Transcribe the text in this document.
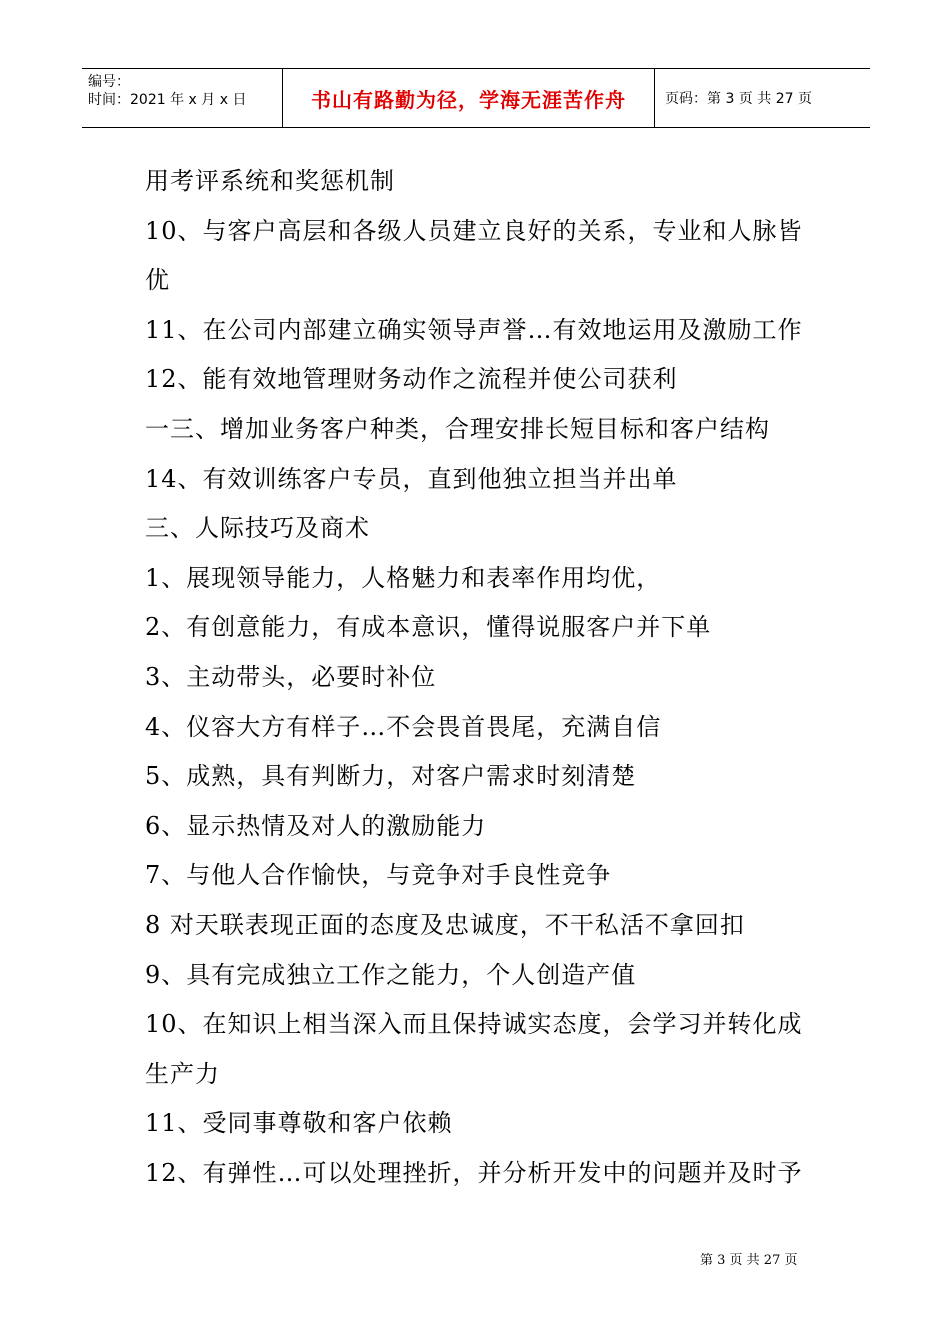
编号：
时间：2021 年 x 月 x 日	书山有路勤为径，学海无涯苦作舟	页码：第 3 页 共 27 页
用考评系统和奖惩机制
10、与客户高层和各级人员建立良好的关系，专业和人脉皆
优
11、在公司内部建立确实领导声誉…有效地运用及激励工作
12、能有效地管理财务动作之流程并使公司获利
一三、增加业务客户种类，合理安排长短目标和客户结构
14、有效训练客户专员，直到他独立担当并出单
三、人际技巧及商术
1、展现领导能力，人格魅力和表率作用均优，
2、有创意能力，有成本意识，懂得说服客户并下单
3、主动带头，必要时补位
4、仪容大方有样子…不会畏首畏尾，充满自信
5、成熟，具有判断力，对客户需求时刻清楚
6、显示热情及对人的激励能力
7、与他人合作愉快，与竞争对手良性竞争
8 对天联表现正面的态度及忠诚度，不干私活不拿回扣
9、具有完成独立工作之能力，个人创造产值
10、在知识上相当深入而且保持诚实态度，会学习并转化成
生产力
11、受同事尊敬和客户依赖
12、有弹性…可以处理挫折，并分析开发中的问题并及时予
第 3 页 共 27 页
